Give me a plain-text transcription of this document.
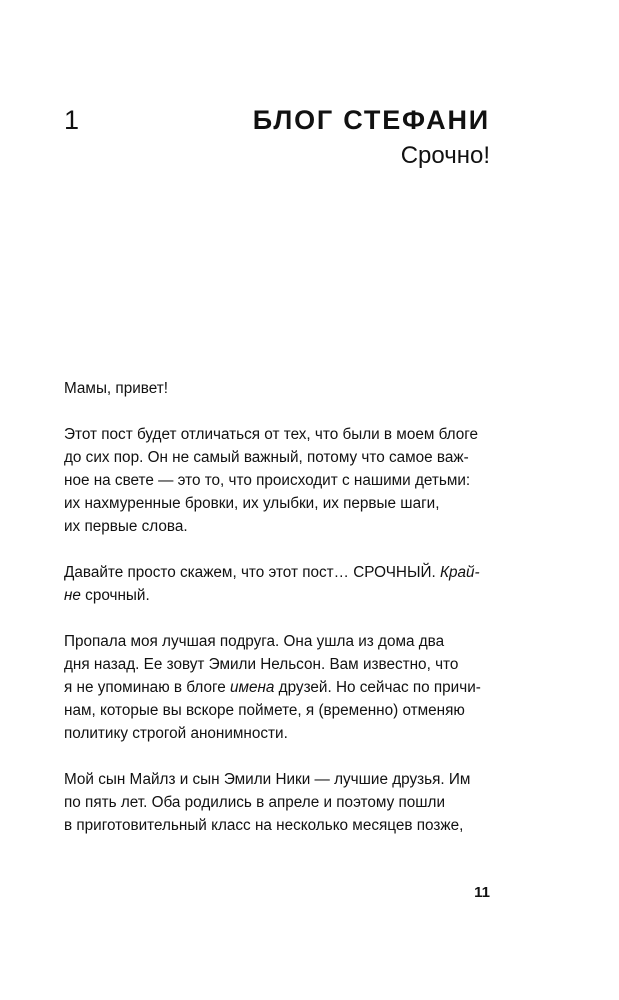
1	БЛОГ СТЕФАНИ
Срочно!
Мамы, привет!
Этот пост будет отличаться от тех, что были в моем блоге
до сих пор. Он не самый важный, потому что самое важ-
ное на свете — это то, что происходит с нашими детьми:
их нахмуренные бровки, их улыбки, их первые шаги,
их первые слова.
Давайте просто скажем, что этот пост… СРОЧНЫЙ. Край-
не срочный.
Пропала моя лучшая подруга. Она ушла из дома два
дня назад. Ее зовут Эмили Нельсон. Вам известно, что
я не упоминаю в блоге имена друзей. Но сейчас по причи-
нам, которые вы вскоре поймете, я (временно) отменяю
политику строгой анонимности.
Мой сын Майлз и сын Эмили Ники — лучшие друзья. Им
по пять лет. Оба родились в апреле и поэтому пошли
в приготовительный класс на несколько месяцев позже,
11
